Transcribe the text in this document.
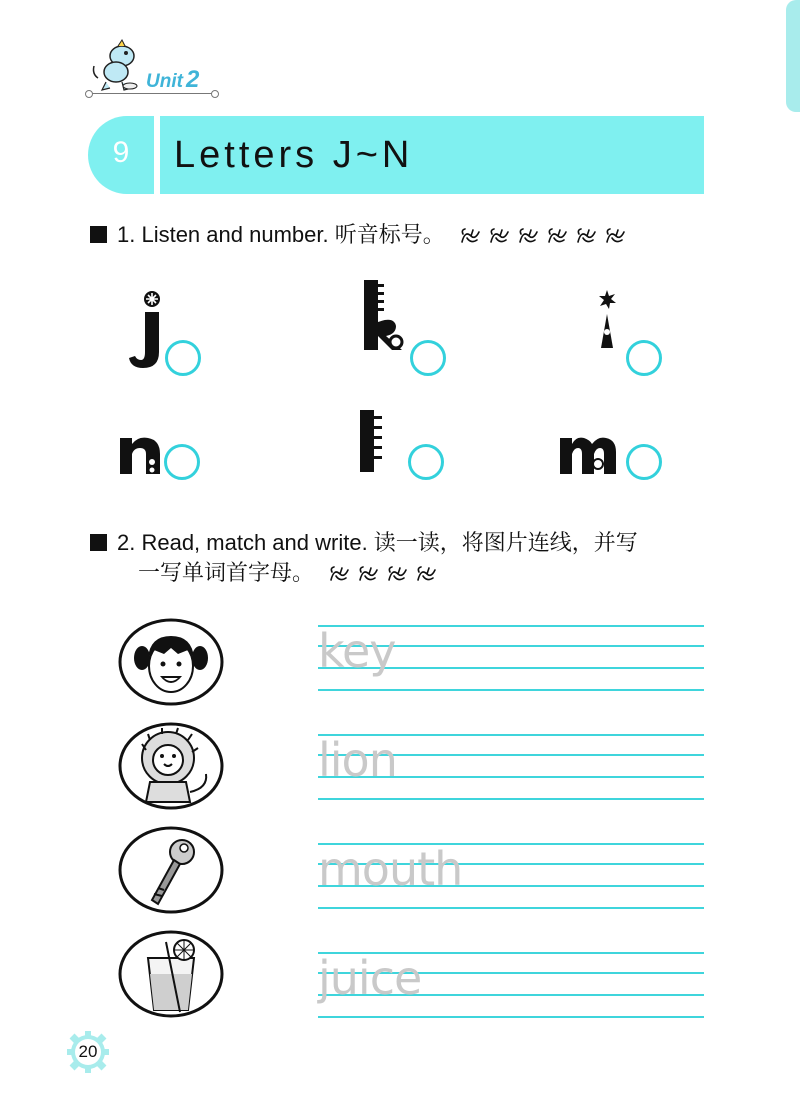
Unit 2
9	Letters J~N
1. Listen and number. 听音标号。
2. Read, match and write. 读一读，将图片连线，并写
一写单词首字母。
key
lion
mouth
juice
20
